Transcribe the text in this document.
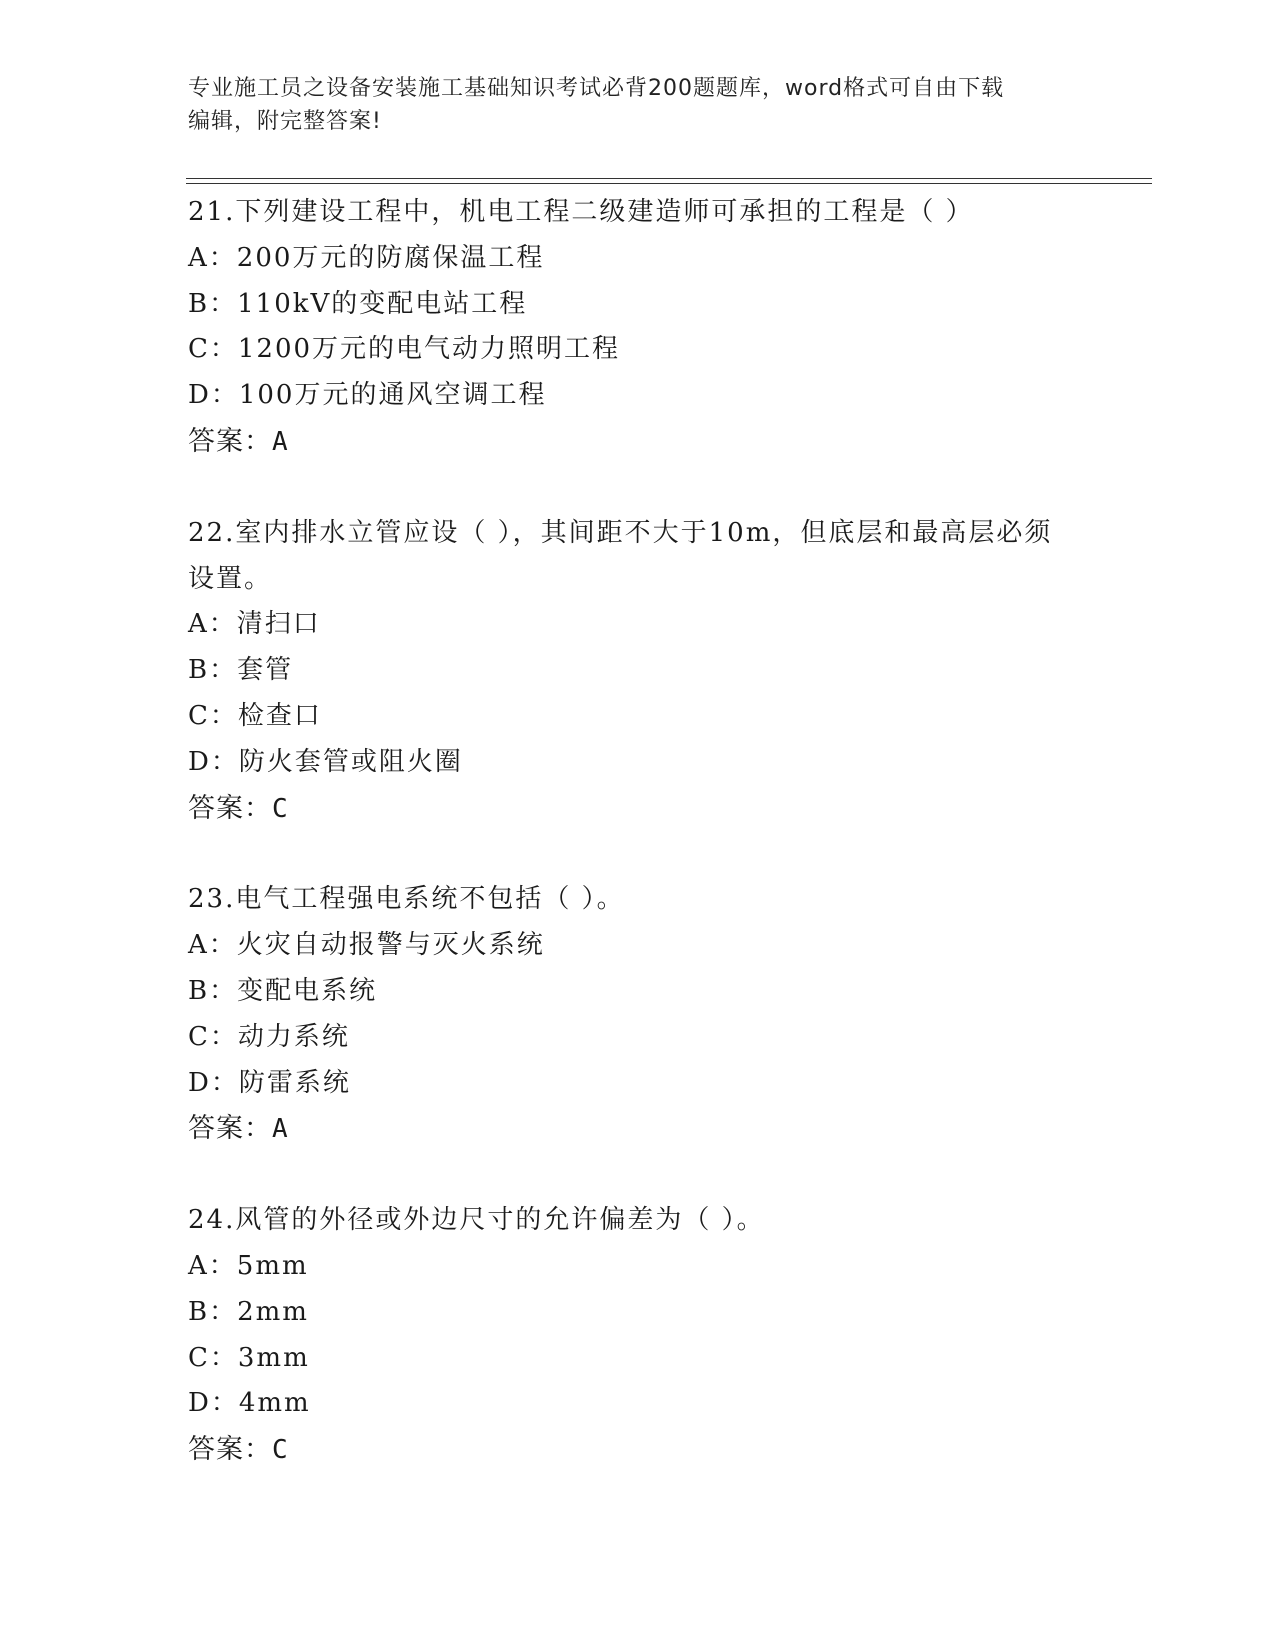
专业施工员之设备安装施工基础知识考试必背200题题库，word格式可自由下载
编辑，附完整答案!
21.下列建设工程中，机电工程二级建造师可承担的工程是（ ）
A：200万元的防腐保温工程
B：110kV的变配电站工程
C：1200万元的电气动力照明工程
D：100万元的通风空调工程
答案：A
22.室内排水立管应设（ ），其间距不大于10m，但底层和最高层必须
设置。
A：清扫口
B：套管
C：检查口
D：防火套管或阻火圈
答案：C
23.电气工程强电系统不包括（ ）。
A：火灾自动报警与灭火系统
B：变配电系统
C：动力系统
D：防雷系统
答案：A
24.风管的外径或外边尺寸的允许偏差为（ ）。
A：5mm
B：2mm
C：3mm
D：4mm
答案：C
